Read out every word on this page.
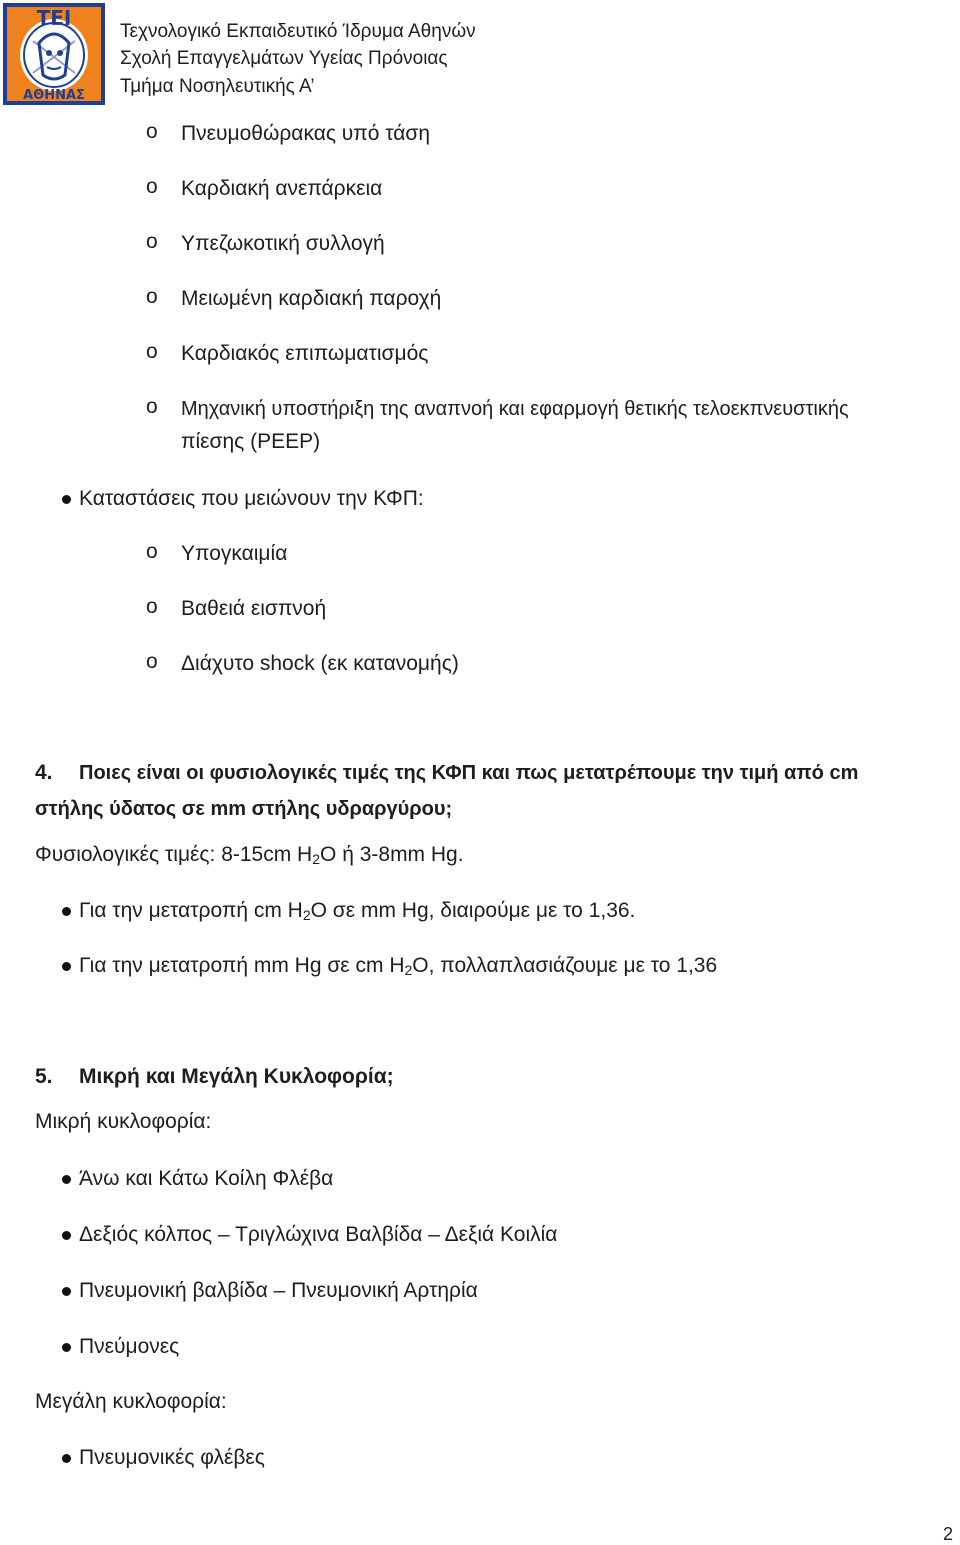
ΤΕΙ
ΑΘΗΝΑΣ
Τεχνολογικό Εκπαιδευτικό Ίδρυμα Αθηνών
Σχολή Επαγγελμάτων Υγείας Πρόνοιας
Τμήμα Νοσηλευτικής Α’
o Πνευμοθώρακας υπό τάση
o Καρδιακή ανεπάρκεια
o Υπεζωκοτική συλλογή
o Μειωμένη καρδιακή παροχή
o Καρδιακός επιπωματισμός
o Μηχανική υποστήριξη της αναπνοή και εφαρμογή θετικής τελοεκπνευστικής
πίεσης (PEEP)
Καταστάσεις που μειώνουν την ΚΦΠ:
o Υπογκαιμία
o Βαθειά εισπνοή
o Διάχυτο shock (εκ κατανομής)
4. Ποιες είναι οι φυσιολογικές τιμές της ΚΦΠ και πως μετατρέπουμε την τιμή από cm
στήλης ύδατος σε mm στήλης υδραργύρου;
Φυσιολογικές τιμές: 8-15cm $H_2O$ ή 3-8mm Hg.
Για την μετατροπή cm $H_2O$ σε mm Hg, διαιρούμε με το 1,36.
Για την μετατροπή mm Hg σε cm $H_2O$, πολλαπλασιάζουμε με το 1,36
5. Μικρή και Μεγάλη Κυκλοφορία;
Μικρή κυκλοφορία:
Άνω και Κάτω Κοίλη Φλέβα
Δεξιός κόλπος – Τριγλώχινα Βαλβίδα – Δεξιά Κοιλία
Πνευμονική βαλβίδα – Πνευμονική Αρτηρία
Πνεύμονες
Μεγάλη κυκλοφορία:
Πνευμονικές φλέβες
2
